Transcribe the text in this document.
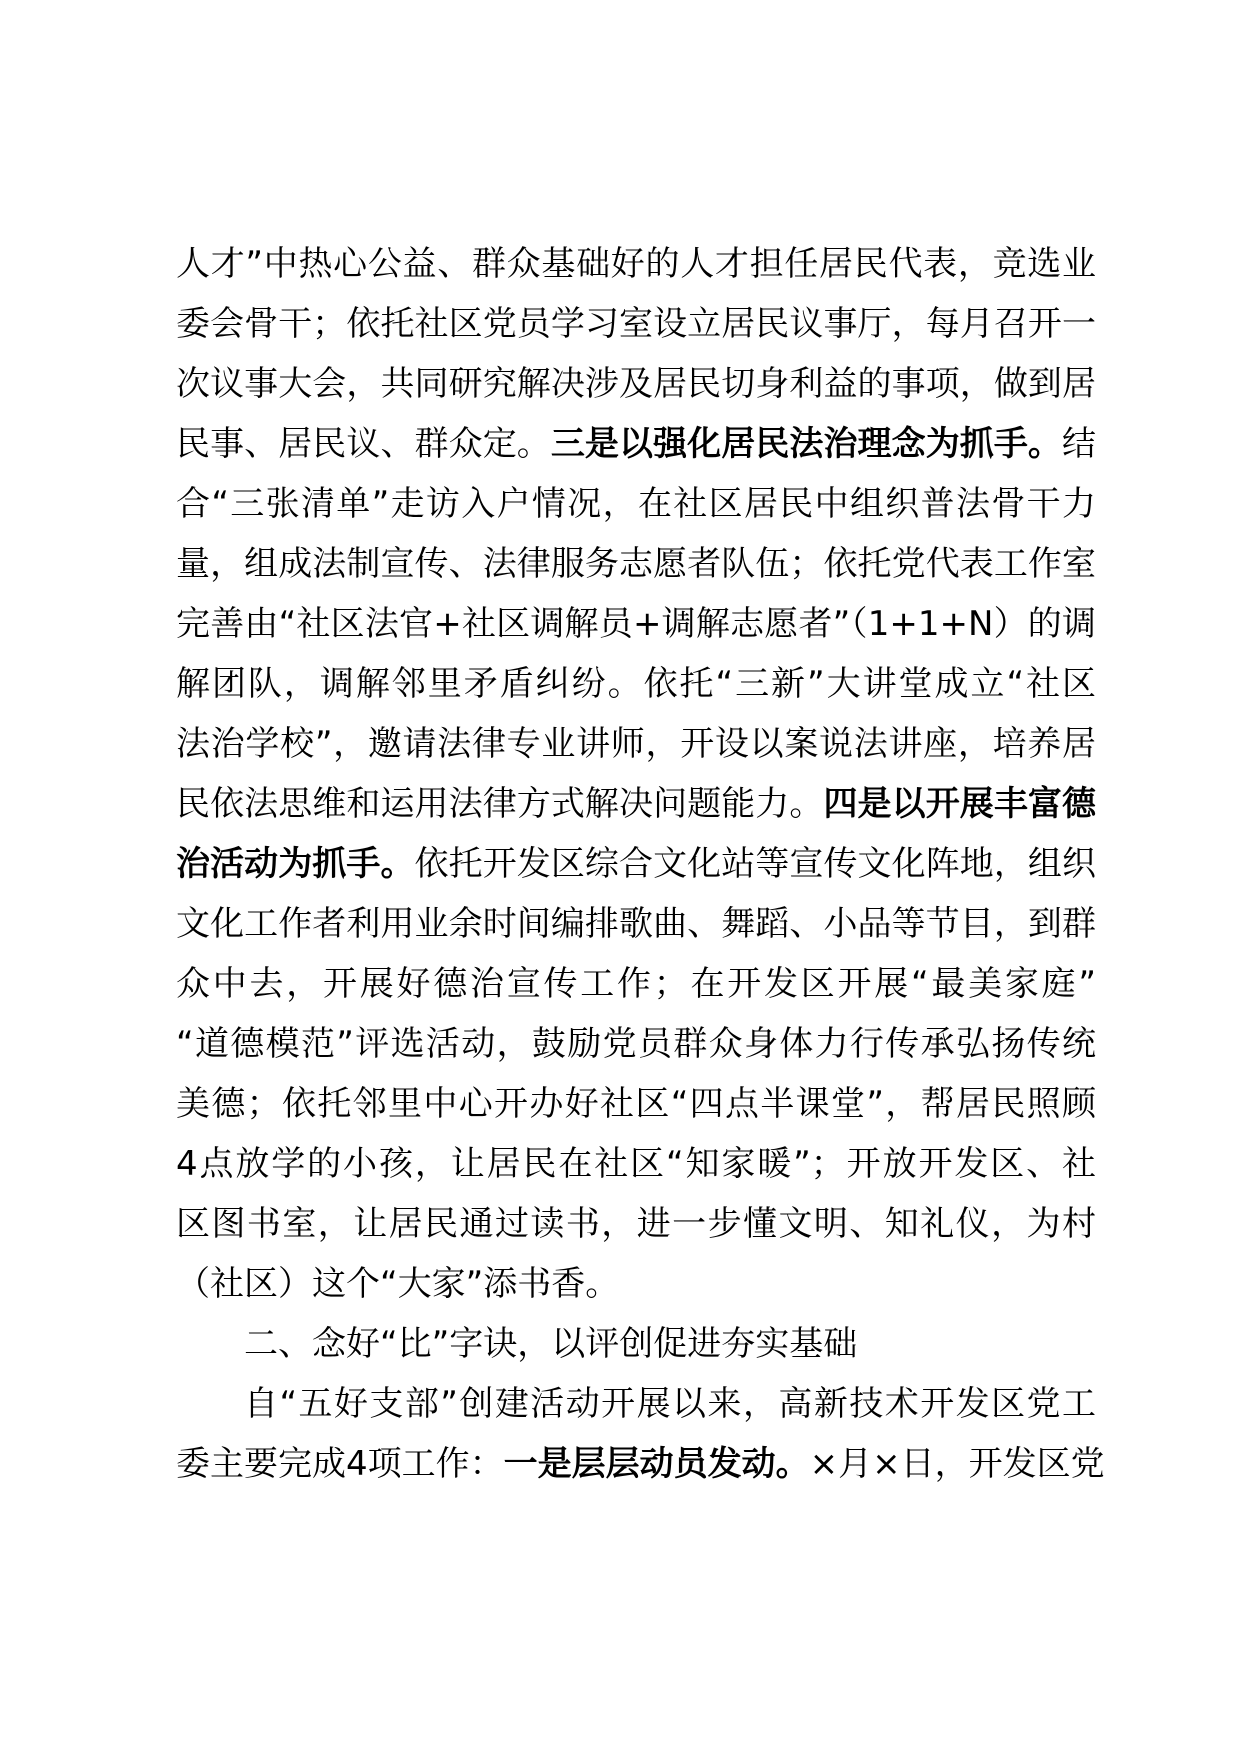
人才”中热心公益、群众基础好的人才担任居民代表，竞选业
委会骨干；依托社区党员学习室设立居民议事厅，每月召开一
次议事大会，共同研究解决涉及居民切身利益的事项，做到居
民事、居民议、群众定。三是以强化居民法治理念为抓手。结
合“三张清单”走访入户情况，在社区居民中组织普法骨干力
量，组成法制宣传、法律服务志愿者队伍；依托党代表工作室
完善由“社区法官+社区调解员+调解志愿者”（1+1+N）的调
解团队，调解邻里矛盾纠纷。依托“三新”大讲堂成立“社区
法治学校”，邀请法律专业讲师，开设以案说法讲座，培养居
民依法思维和运用法律方式解决问题能力。四是以开展丰富德
治活动为抓手。依托开发区综合文化站等宣传文化阵地，组织
文化工作者利用业余时间编排歌曲、舞蹈、小品等节目，到群
众中去，开展好德治宣传工作；在开发区开展“最美家庭”
“道德模范”评选活动，鼓励党员群众身体力行传承弘扬传统
美德；依托邻里中心开办好社区“四点半课堂”，帮居民照顾
4点放学的小孩，让居民在社区“知家暖”；开放开发区、社
区图书室，让居民通过读书，进一步懂文明、知礼仪，为村
（社区）这个“大家”添书香。
二、念好“比”字诀，以评创促进夯实基础
自“五好支部”创建活动开展以来，高新技术开发区党工
委主要完成4项工作：一是层层动员发动。×月×日，开发区党
